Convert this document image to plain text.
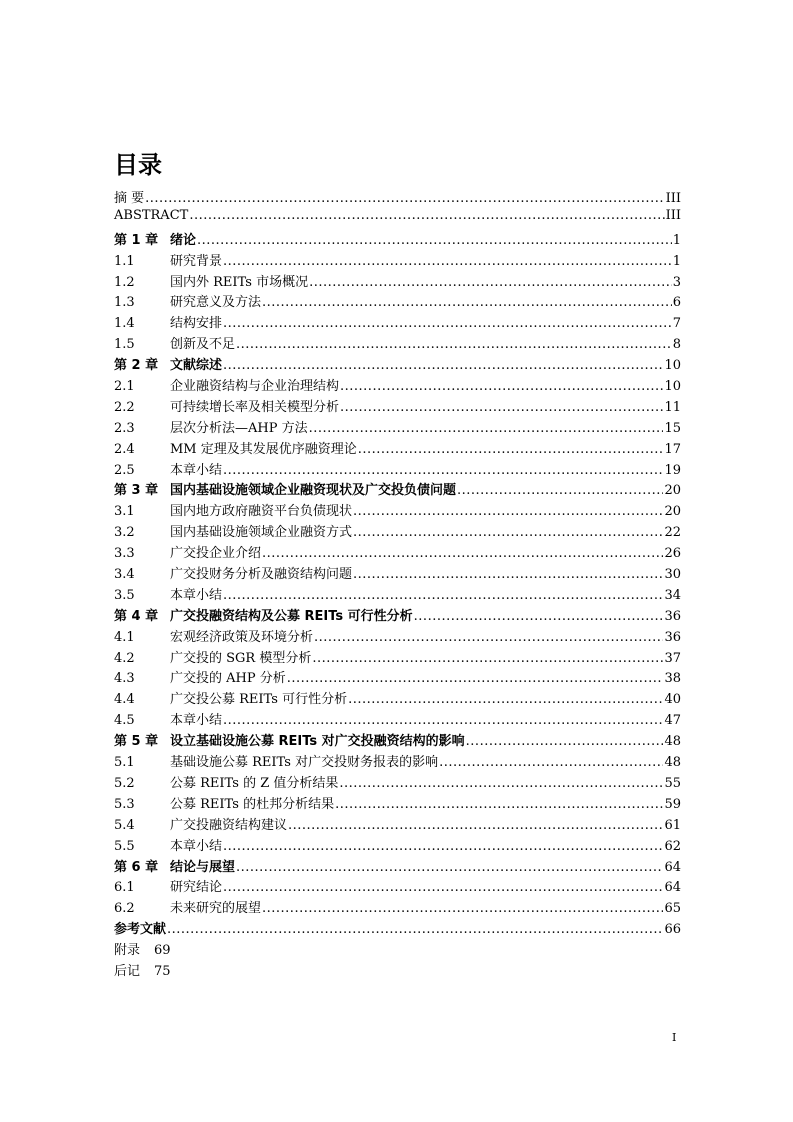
目录
摘 要 .....	III
ABSTRACT .....	III
第 1 章 绪论 .....	1
1.1	研究背景 .....	1
1.2	国内外 REITs 市场概况 .....	3
1.3	研究意义及方法 .....	6
1.4	结构安排 .....	7
1.5	创新及不足 .....	8
第 2 章 文献综述 .....	10
2.1	企业融资结构与企业治理结构 .....	10
2.2	可持续增长率及相关模型分析 .....	11
2.3	层次分析法—AHP 方法 .....	15
2.4	MM 定理及其发展优序融资理论 .....	17
2.5	本章小结 .....	19
第 3 章 国内基础设施领域企业融资现状及广交投负债问题 .....	20
3.1	国内地方政府融资平台负债现状 .....	20
3.2	国内基础设施领域企业融资方式 .....	22
3.3	广交投企业介绍 .....	26
3.4	广交投财务分析及融资结构问题 .....	30
3.5	本章小结 .....	34
第 4 章 广交投融资结构及公募 REITs 可行性分析 .....	36
4.1	宏观经济政策及环境分析 .....	36
4.2	广交投的 SGR 模型分析 .....	37
4.3	广交投的 AHP 分析 .....	38
4.4	广交投公募 REITs 可行性分析 .....	40
4.5	本章小结 .....	47
第 5 章 设立基础设施公募 REITs 对广交投融资结构的影响 .....	48
5.1	基础设施公募 REITs 对广交投财务报表的影响 .....	48
5.2	公募 REITs 的 Z 值分析结果 .....	55
5.3	公募 REITs 的杜邦分析结果 .....	59
5.4	广交投融资结构建议 .....	61
5.5	本章小结 .....	62
第 6 章 结论与展望 .....	64
6.1	研究结论 .....	64
6.2	未来研究的展望 .....	65
参考文献 .....	66
附录 69
后记 75
I
